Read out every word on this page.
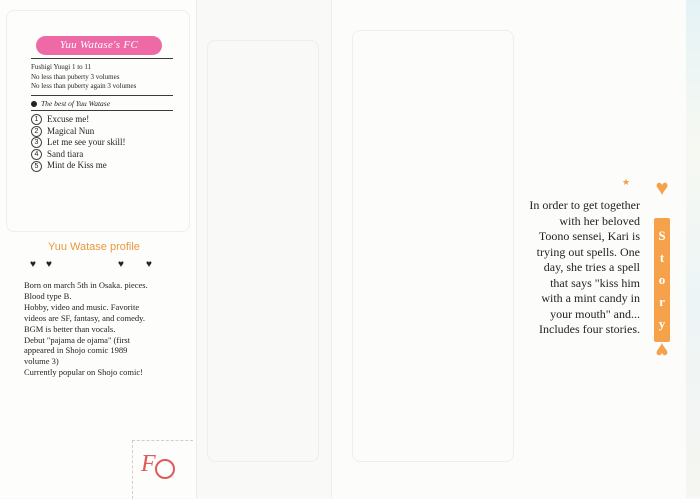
Yuu Watase's FC
Fushigi Yuugi 1 to 11
No less than puberty 3 volumes
No less than puberty again 3 volumes
The best of Yuu Watase
1 Excuse me!
2 Magical Nun
3 Let me see your skill!
4 Sand tiara
5 Mint de Kiss me
Yuu Watase profile
♥ ♥	♥ ♥
Born on march 5th in Osaka. pieces.
Blood type B.
Hobby, video and music. Favorite
videos are SF, fantasy, and comedy.
BGM is better than vocals.
Debut "pajama de ojama" (first
appeared in Shojo comic 1989
volume 3)
Currently popular on Shojo comic!
F
★
In order to get together
with her beloved
Toono sensei, Kari is
trying out spells. One
day, she tries a spell
that says "kiss him
with a mint candy in
your mouth" and...
Includes four stories.
♥
S
t
o
r
y
♥
